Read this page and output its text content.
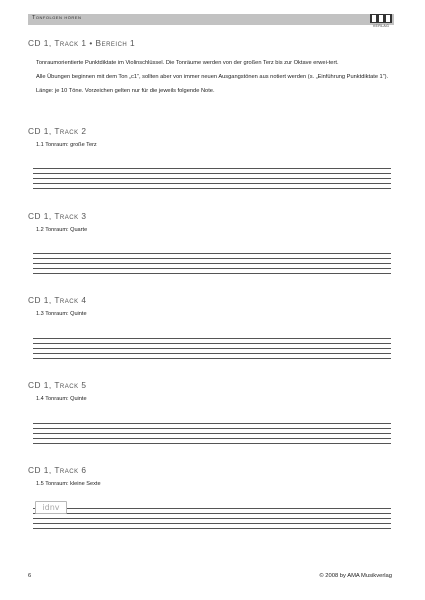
Tonfolgen hören
VERLAG
CD 1, Track 1 • Bereich 1

Tonraumorientierte Punktdiktate im Violinschlüssel. Die Tonräume werden von der großen Terz bis zur Oktave erwei-tert.

Alle Übungen beginnen mit dem Ton „c1“, sollten aber von immer neuen Ausgangstönen aus notiert werden (s. „Einführung Punktdiktate 1“).

Länge: je 10 Töne. Vorzeichen gelten nur für die jeweils folgende Note.

CD 1, Track 2
1.1 Tonraum: große Terz
CD 1, Track 3
1.2 Tonraum: Quarte
CD 1, Track 4
1.3 Tonraum: Quinte
CD 1, Track 5
1.4 Tonraum: Quinte
CD 1, Track 6
1.5 Tonraum: kleine Sexte
idnv
6	© 2008 by AMA Musikverlag
